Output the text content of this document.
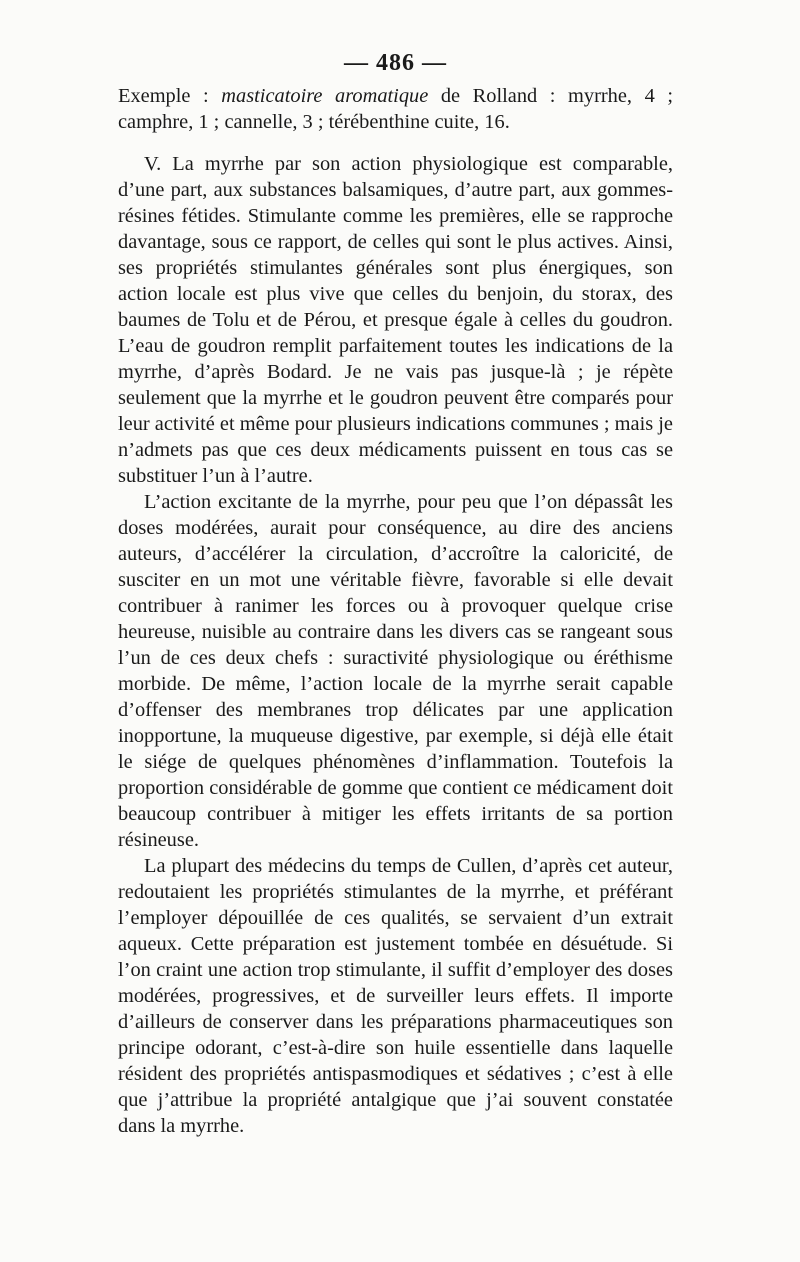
— 486 —

Exemple : masticatoire aromatique de Rolland : myrrhe, 4 ; camphre, 1 ; cannelle, 3 ; térébenthine cuite, 16.

V. La myrrhe par son action physiologique est comparable, d’une part, aux substances balsamiques, d’autre part, aux gommes-résines fétides. Stimulante comme les premières, elle se rapproche davantage, sous ce rapport, de celles qui sont le plus actives. Ainsi, ses propriétés stimulantes générales sont plus énergiques, son action locale est plus vive que celles du benjoin, du storax, des baumes de Tolu et de Pérou, et presque égale à celles du goudron. L’eau de goudron remplit parfaitement toutes les indications de la myrrhe, d’après Bodard. Je ne vais pas jusque-là ; je répète seulement que la myrrhe et le goudron peuvent être comparés pour leur activité et même pour plusieurs indications communes ; mais je n’admets pas que ces deux médicaments puissent en tous cas se substituer l’un à l’autre.

L’action excitante de la myrrhe, pour peu que l’on dépassât les doses modérées, aurait pour conséquence, au dire des anciens auteurs, d’accélérer la circulation, d’accroître la caloricité, de susciter en un mot une véritable fièvre, favorable si elle devait contribuer à ranimer les forces ou à provoquer quelque crise heureuse, nuisible au contraire dans les divers cas se rangeant sous l’un de ces deux chefs : suractivité physiologique ou éréthisme morbide. De même, l’action locale de la myrrhe serait capable d’offenser des membranes trop délicates par une application inopportune, la muqueuse digestive, par exemple, si déjà elle était le siége de quelques phénomènes d’inflammation. Toutefois la proportion considérable de gomme que contient ce médicament doit beaucoup contribuer à mitiger les effets irritants de sa portion résineuse.

La plupart des médecins du temps de Cullen, d’après cet auteur, redoutaient les propriétés stimulantes de la myrrhe, et préférant l’employer dépouillée de ces qualités, se servaient d’un extrait aqueux. Cette préparation est justement tombée en désuétude. Si l’on craint une action trop stimulante, il suffit d’employer des doses modérées, progressives, et de surveiller leurs effets. Il importe d’ailleurs de conserver dans les préparations pharmaceutiques son principe odorant, c’est-à-dire son huile essentielle dans laquelle résident des propriétés antispasmodiques et sédatives ; c’est à elle que j’attribue la propriété antalgique que j’ai souvent constatée dans la myrrhe.
